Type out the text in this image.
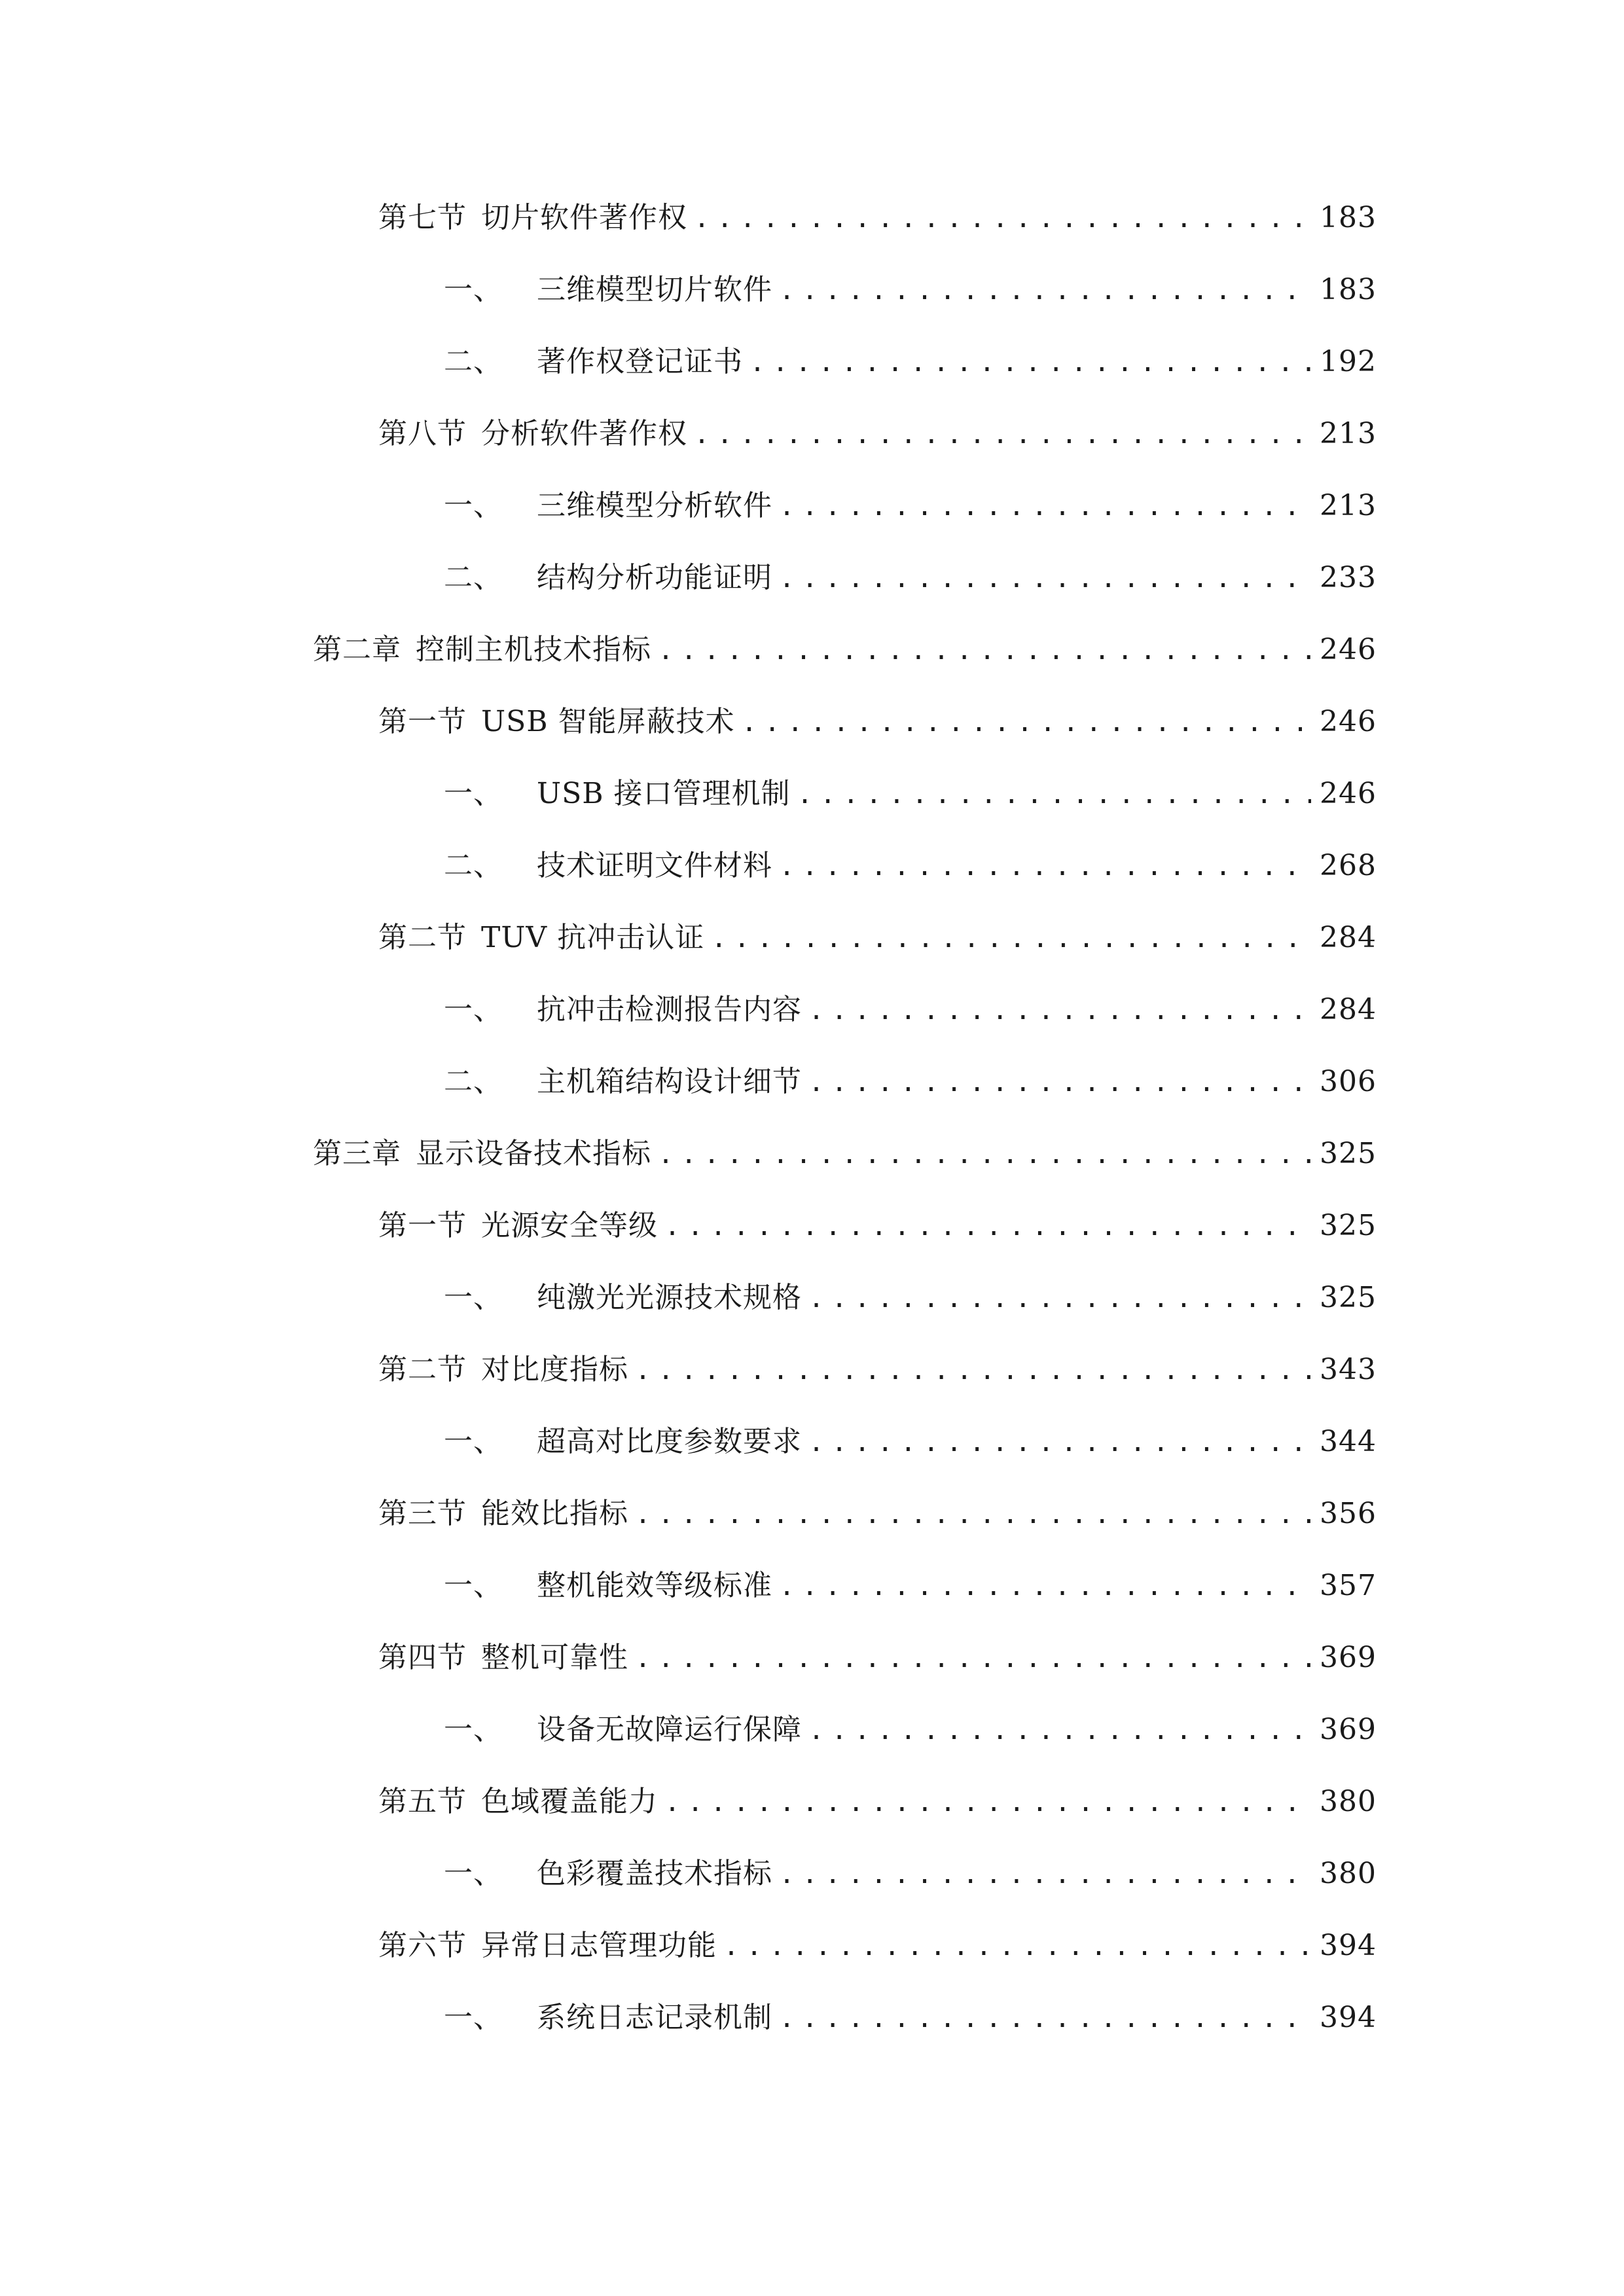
第七节 切片软件著作权 .....	183
一、	三维模型切片软件 .....	183
二、	著作权登记证书 .....	192
第八节 分析软件著作权 .....	213
一、	三维模型分析软件 .....	213
二、	结构分析功能证明 .....	233
第二章 控制主机技术指标 .....	246
第一节 USB 智能屏蔽技术 .....	246
一、	USB 接口管理机制 .....	246
二、	技术证明文件材料 .....	268
第二节 TUV 抗冲击认证 .....	284
一、	抗冲击检测报告内容 .....	284
二、	主机箱结构设计细节 .....	306
第三章 显示设备技术指标 .....	325
第一节 光源安全等级 .....	325
一、	纯激光光源技术规格 .....	325
第二节 对比度指标 .....	343
一、	超高对比度参数要求 .....	344
第三节 能效比指标 .....	356
一、	整机能效等级标准 .....	357
第四节 整机可靠性 .....	369
一、	设备无故障运行保障 .....	369
第五节 色域覆盖能力 .....	380
一、	色彩覆盖技术指标 .....	380
第六节 异常日志管理功能 .....	394
一、	系统日志记录机制 .....	394
